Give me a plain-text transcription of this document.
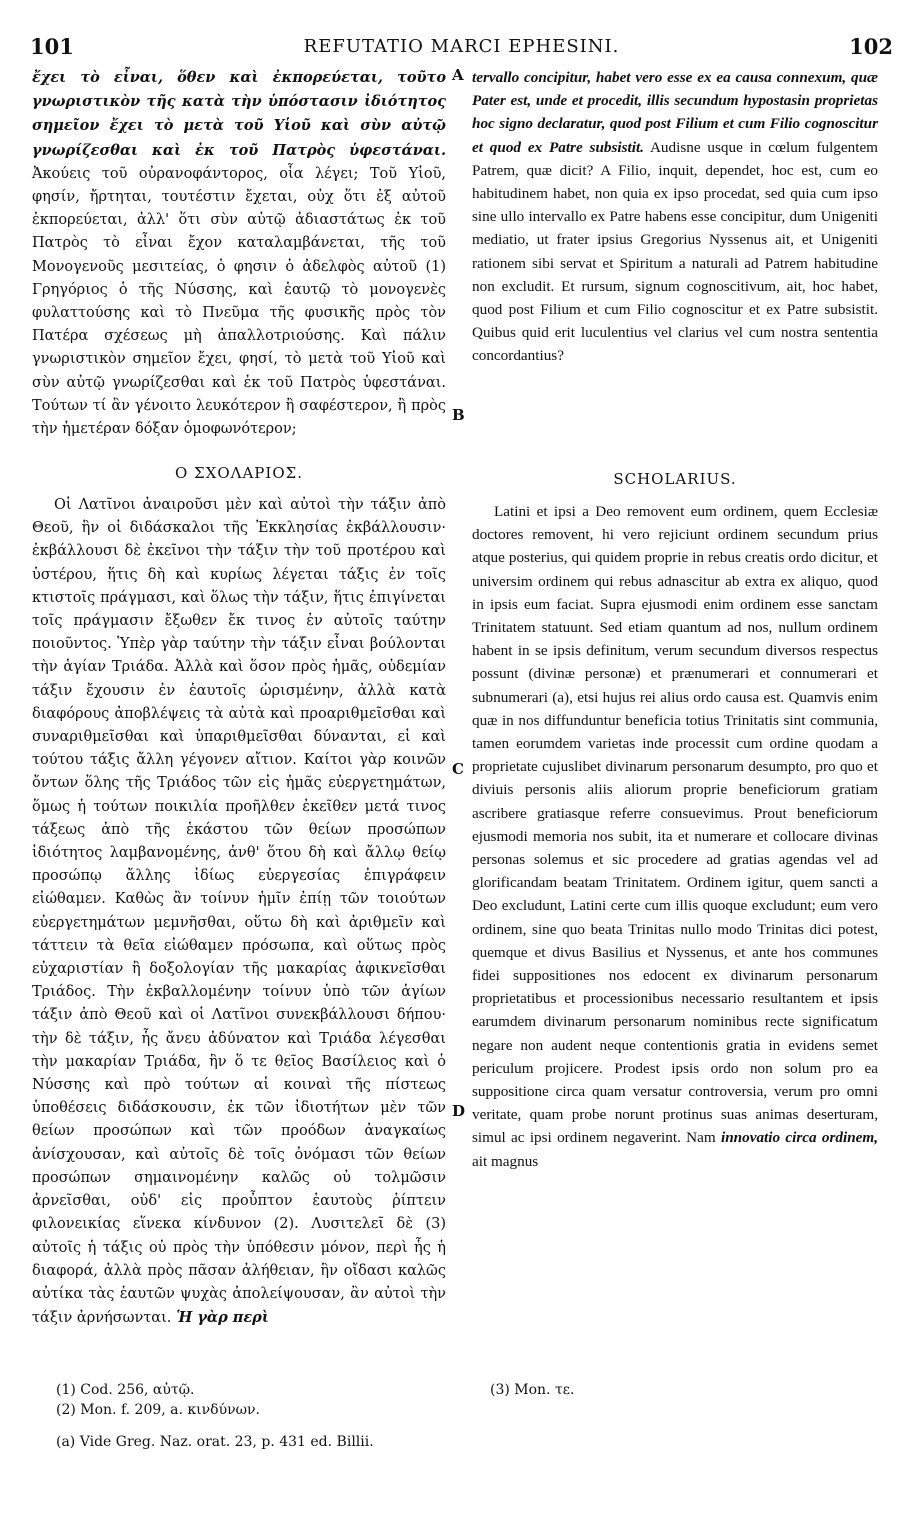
101	REFUTATIO MARCI EPHESINI.	102

ἔχει τὸ εἶναι, ὅθεν καὶ ἐκπορεύεται, τοῦτο γνωριστικὸν τῆς κατὰ τὴν ὑπόστασιν ἰδιότητος σημεῖον ἔχει τὸ μετὰ τοῦ Υἱοῦ καὶ σὺν αὐτῷ γνωρίζεσθαι καὶ ἐκ τοῦ Πατρὸς ὑφεστάναι. Ἀκούεις τοῦ οὐρανοφάντορος, οἷα λέγει; Τοῦ Υἱοῦ, φησίν, ἤρτηται, τουτέστιν ἔχεται, οὐχ ὅτι ἐξ αὐτοῦ ἐκπορεύεται, ἀλλ' ὅτι σὺν αὐτῷ ἀδιαστάτως ἐκ τοῦ Πατρὸς τὸ εἶναι ἔχον καταλαμβάνεται, τῆς τοῦ Μονογενοῦς μεσιτείας, ὁ φησιν ὁ ἀδελφὸς αὐτοῦ (1) Γρηγόριος ὁ τῆς Νύσσης, καὶ ἑαυτῷ τὸ μονογενὲς φυλαττούσης καὶ τὸ Πνεῦμα τῆς φυσικῆς πρὸς τὸν Πατέρα σχέσεως μὴ ἀπαλλοτριούσης. Καὶ πάλιν γνωριστικὸν σημεῖον ἔχει, φησί, τὸ μετὰ τοῦ Υἱοῦ καὶ σὺν αὐτῷ γνωρίζεσθαι καὶ ἐκ τοῦ Πατρὸς ὑφεστάναι. Τούτων τί ἂν γένοιτο λευκότερον ἢ σαφέστερον, ἢ πρὸς τὴν ἡμετέραν δόξαν ὁμοφωνότερον;

tervallo concipitur, habet vero esse ex ea causa connexum, quæ Pater est, unde et procedit, illis secundum hypostasin proprietas hoc signo declaratur, quod post Filium et cum Filio cognoscitur et quod ex Patre subsistit. Audisne usque in cœlum fulgentem Patrem, quæ dicit? A Filio, inquit, dependet, hoc est, cum eo habitudinem habet, non quia ex ipso procedat, sed quia cum ipso sine ullo intervallo ex Patre habens esse concipitur, dum Unigeniti mediatio, ut frater ipsius Gregorius Nyssenus ait, et Unigeniti rationem sibi servat et Spiritum a naturali ad Patrem habitudine non excludit. Et rursum, signum cognoscitivum, ait, hoc habet, quod post Filium et cum Filio cognoscitur et ex Patre subsistit. Quibus quid erit luculentius vel clarius vel cum nostra sententia concordantius?

A
B
C
D
Ο ΣΧΟΛΑΡΙΟΣ.	SCHOLARIUS.

Οἱ Λατῖνοι ἀναιροῦσι μὲν καὶ αὐτοὶ τὴν τάξιν ἀπὸ Θεοῦ, ἣν οἱ διδάσκαλοι τῆς Ἐκκλησίας ἐκβάλλουσιν· ἐκβάλλουσι δὲ ἐκεῖνοι τὴν τάξιν τὴν τοῦ προτέρου καὶ ὑστέρου, ἥτις δὴ καὶ κυρίως λέγεται τάξις ἐν τοῖς κτιστοῖς πράγμασι, καὶ ὅλως τὴν τάξιν, ἥτις ἐπιγίνεται τοῖς πράγμασιν ἔξωθεν ἔκ τινος ἐν αὐτοῖς ταύτην ποιοῦντος. Ὑπὲρ γὰρ ταύτην τὴν τάξιν εἶναι βούλονται τὴν ἁγίαν Τριάδα. Ἀλλὰ καὶ ὅσον πρὸς ἡμᾶς, οὐδεμίαν τάξιν ἔχουσιν ἐν ἑαυτοῖς ὡρισμένην, ἀλλὰ κατὰ διαφόρους ἀποβλέψεις τὰ αὐτὰ καὶ προαριθμεῖσθαι καὶ συναριθμεῖσθαι καὶ ὑπαριθμεῖσθαι δύνανται, εἰ καὶ τούτου τάξις ἄλλη γέγονεν αἴτιον. Καίτοι γὰρ κοινῶν ὄντων ὅλης τῆς Τριάδος τῶν εἰς ἡμᾶς εὐεργετημάτων, ὅμως ἡ τούτων ποικιλία προῆλθεν ἐκεῖθεν μετά τινος τάξεως ἀπὸ τῆς ἑκάστου τῶν θείων προσώπων ἰδιότητος λαμβανομένης, ἀνθ' ὅτου δὴ καὶ ἄλλῳ θείῳ προσώπῳ ἄλλης ἰδίως εὐεργεσίας ἐπιγράφειν εἰώθαμεν. Καθὼς ἂν τοίνυν ἡμῖν ἐπίῃ τῶν τοιούτων εὐεργετημάτων μεμνῆσθαι, οὕτω δὴ καὶ ἀριθμεῖν καὶ τάττειν τὰ θεῖα εἰώθαμεν πρόσωπα, καὶ οὕτως πρὸς εὐχαριστίαν ἢ δοξολογίαν τῆς μακαρίας ἀφικνεῖσθαι Τριάδος. Τὴν ἐκβαλλομένην τοίνυν ὑπὸ τῶν ἁγίων τάξιν ἀπὸ Θεοῦ καὶ οἱ Λατῖνοι συνεκβάλλουσι δήπου· τὴν δὲ τάξιν, ἧς ἄνευ ἀδύνατον καὶ Τριάδα λέγεσθαι τὴν μακαρίαν Τριάδα, ἣν ὅ τε θεῖος Βασίλειος καὶ ὁ Νύσσης καὶ πρὸ τούτων αἱ κοιναὶ τῆς πίστεως ὑποθέσεις διδάσκουσιν, ἐκ τῶν ἰδιοτήτων μὲν τῶν θείων προσώπων καὶ τῶν προόδων ἀναγκαίως ἀνίσχουσαν, καὶ αὐτοῖς δὲ τοῖς ὀνόμασι τῶν θείων προσώπων σημαινομένην καλῶς οὐ τολμῶσιν ἀρνεῖσθαι, οὐδ' εἰς προὖπτον ἑαυτοὺς ῥίπτειν φιλονεικίας εἵνεκα κίνδυνον (2). Λυσιτελεῖ δὲ (3) αὐτοῖς ἡ τάξις οὐ πρὸς τὴν ὑπόθεσιν μόνον, περὶ ἧς ἡ διαφορά, ἀλλὰ πρὸς πᾶσαν ἀλήθειαν, ἣν οἴδασι καλῶς αὐτίκα τὰς ἑαυτῶν ψυχὰς ἀπολείψουσαν, ἂν αὐτοὶ τὴν τάξιν ἀρνήσωνται. Ἡ γὰρ περὶ

Latini et ipsi a Deo removent eum ordinem, quem Ecclesiæ doctores removent, hi vero rejiciunt ordinem secundum prius atque posterius, qui quidem proprie in rebus creatis ordo dicitur, et universim ordinem qui rebus adnascitur ab extra ex aliquo, quod in ipsis eum faciat. Supra ejusmodi enim ordinem esse sanctam Trinitatem statuunt. Sed etiam quantum ad nos, nullum ordinem habent in se ipsis definitum, verum secundum diversos respectus possunt (divinæ personæ) et prænumerari et connumerari et subnumerari (a), etsi hujus rei alius ordo causa est. Quamvis enim quæ in nos diffunduntur beneficia totius Trinitatis sint communia, tamen eorumdem varietas inde processit cum ordine quodam a proprietate cujuslibet divinarum personarum desumpto, pro quo et diviuis personis aliis aliorum proprie beneficiorum gratiam ascribere gratiasque referre consuevimus. Prout beneficiorum ejusmodi memoria nos subit, ita et numerare et collocare divinas personas solemus et sic procedere ad gratias agendas vel ad glorificandam beatam Trinitatem. Ordinem igitur, quem sancti a Deo excludunt, Latini certe cum illis quoque excludunt; eum vero ordinem, sine quo beata Trinitas nullo modo Trinitas dici potest, quemque et divus Basilius et Nyssenus, et ante hos communes fidei suppositiones nos edocent ex divinarum personarum proprietatibus et processionibus necessario resultantem et ipsis earumdem divinarum personarum nominibus recte significatum negare non audent neque contentionis gratia in evidens semet periculum projicere. Prodest ipsis ordo non solum pro ea suppositione circa quam versatur controversia, verum pro omni veritate, quam probe norunt protinus suas animas deserturam, simul ac ipsi ordinem negaverint. Nam innovatio circa ordinem, ait magnus

(1) Cod. 256, αὐτῷ.
(2) Mon. f. 209, a. κινδύνων.
(a) Vide Greg. Naz. orat. 23, p. 431 ed. Billii.
(3) Mon. τε.
